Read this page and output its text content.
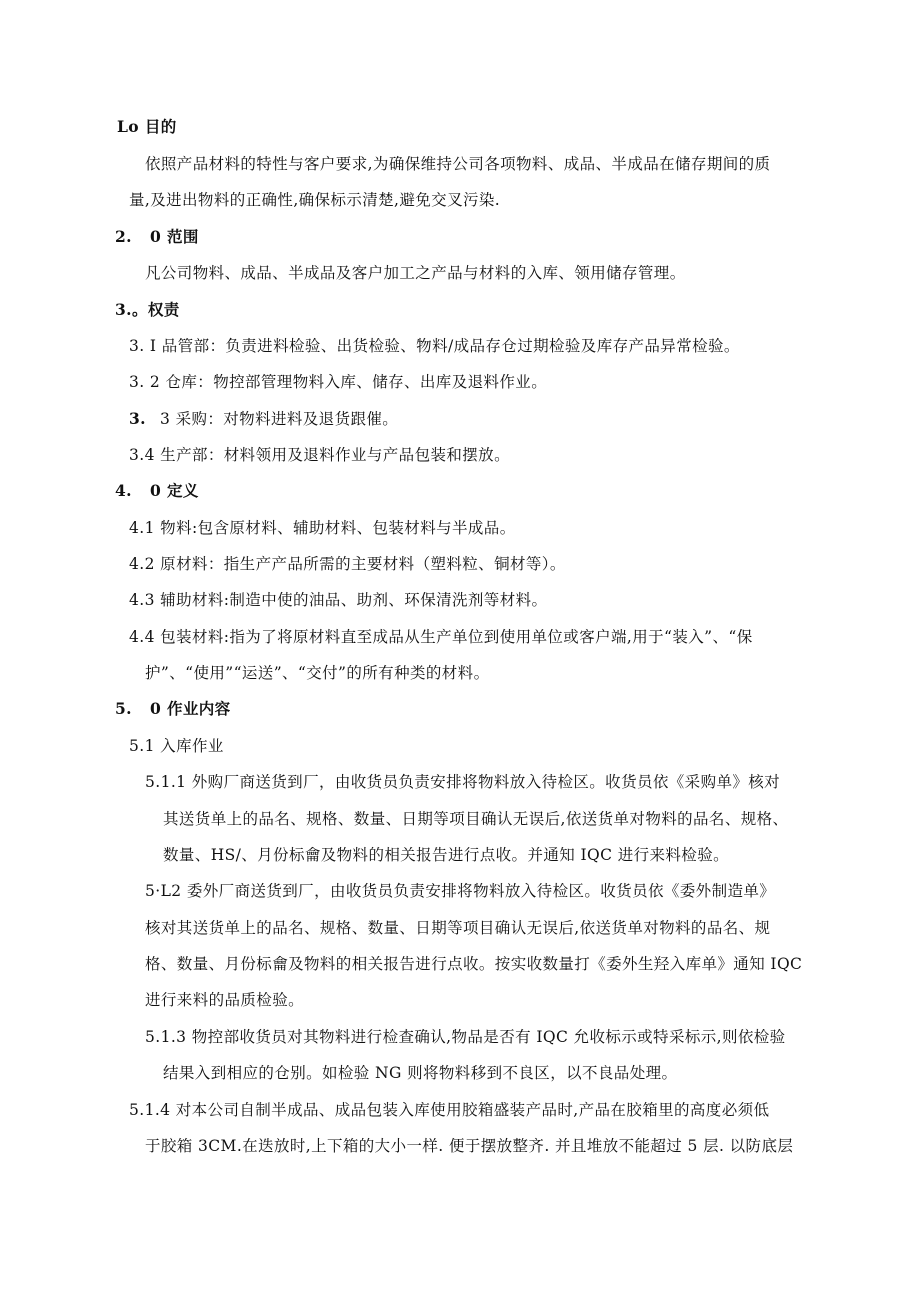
Lo 目的
依照产品材料的特性与客户要求,为确保维持公司各项物料、成品、半成品在储存期间的质
量,及进出物料的正确性,确保标示清楚,避免交叉污染.
2. 0 范围
凡公司物料、成品、半成品及客户加工之产品与材料的入库、领用储存管理。
3.。权责
3. I 品管部：负责进料检验、出货检验、物料/成品存仓过期检验及库存产品异常检验。
3. 2 仓库：物控部管理物料入库、储存、出库及退料作业。
3. 3 采购：对物料进料及退货跟催。
3.4 生产部：材料领用及退料作业与产品包装和摆放。
4. 0 定义
4.1 物料:包含原材料、辅助材料、包装材料与半成品。
4.2 原材料：指生产产品所需的主要材料（塑料粒、铜材等）。
4.3 辅助材料:制造中使的油品、助剂、环保清洗剂等材料。
4.4 包装材料:指为了将原材料直至成品从生产单位到使用单位或客户端,用于“装入”、“保
护”、“使用”“运送”、“交付”的所有种类的材料。
5. 0 作业内容
5.1 入库作业
5.1.1 外购厂商送货到厂，由收货员负责安排将物料放入待检区。收货员依《采购单》核对
其送货单上的品名、规格、数量、日期等项目确认无误后,依送货单对物料的品名、规格、
数量、HS/、月份标龠及物料的相关报告进行点收。并通知 IQC 进行来料检验。
5·L2 委外厂商送货到厂，由收货员负责安排将物料放入待检区。收货员依《委外制造单》
核对其送货单上的品名、规格、数量、日期等项目确认无误后,依送货单对物料的品名、规
格、数量、月份标龠及物料的相关报告进行点收。按实收数量打《委外生羟入库单》通知 IQC
进行来料的品质检验。
5.1.3 物控部收货员对其物料进行检查确认,物品是否有 IQC 允收标示或特采标示,则依检验
结果入到相应的仓别。如检验 NG 则将物料移到不良区，以不良品处理。
5.1.4 对本公司自制半成品、成品包装入库使用胶箱盛装产品时,产品在胶箱里的高度必须低
于胶箱 3CM.在迭放时,上下箱的大小一样. 便于摆放整齐. 并且堆放不能超过 5 层. 以防底层
